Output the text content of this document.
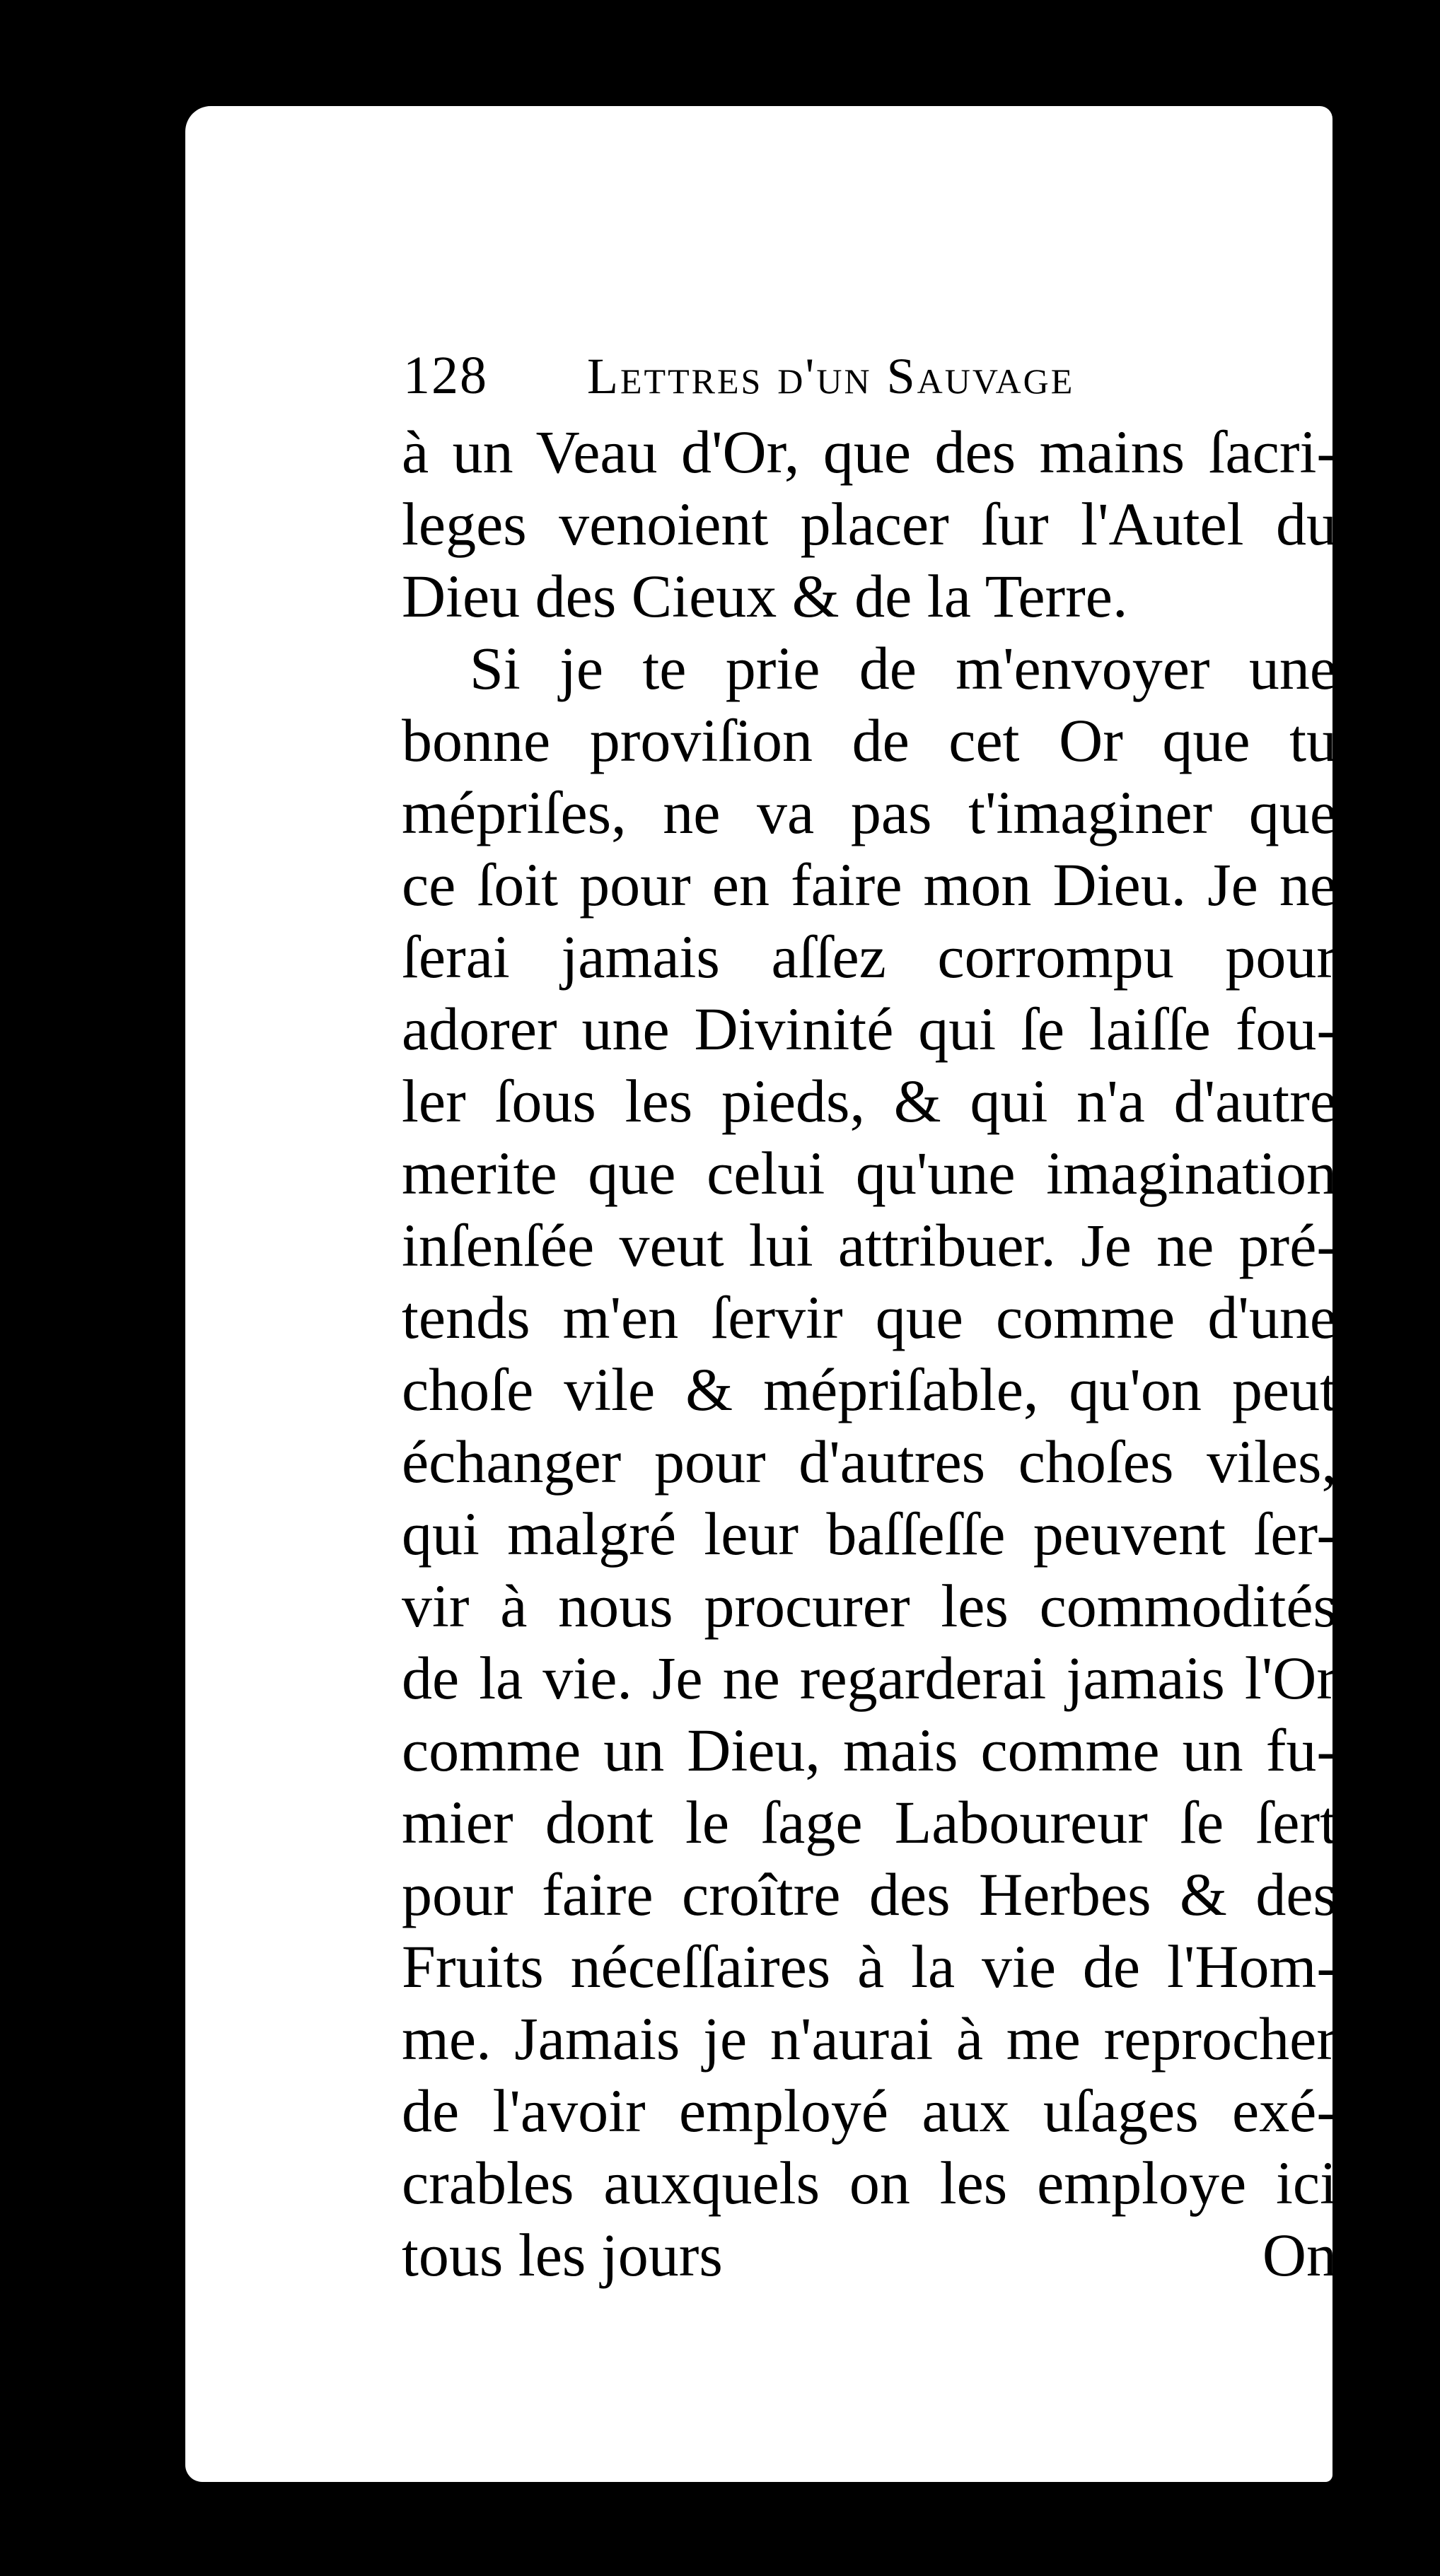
128	Lettres d'un Sauvage
à un Veau d'Or, que des mains ſacri-
leges venoient placer ſur l'Autel du
Dieu des Cieux & de la Terre.
Si je te prie de m'envoyer une
bonne proviſion de cet Or que tu
mépriſes, ne va pas t'imaginer que
ce ſoit pour en faire mon Dieu. Je ne
ſerai jamais aſſez corrompu pour
adorer une Divinité qui ſe laiſſe fou-
ler ſous les pieds, & qui n'a d'autre
merite que celui qu'une imagination
inſenſée veut lui attribuer. Je ne pré-
tends m'en ſervir que comme d'une
choſe vile & mépriſable, qu'on peut
échanger pour d'autres choſes viles,
qui malgré leur baſſeſſe peuvent ſer-
vir à nous procurer les commodités
de la vie. Je ne regarderai jamais l'Or
comme un Dieu, mais comme un fu-
mier dont le ſage Laboureur ſe ſert
pour faire croître des Herbes & des
Fruits néceſſaires à la vie de l'Hom-
me. Jamais je n'aurai à me reprocher
de l'avoir employé aux uſages exé-
crables auxquels on les employe ici
tous les jours	On
